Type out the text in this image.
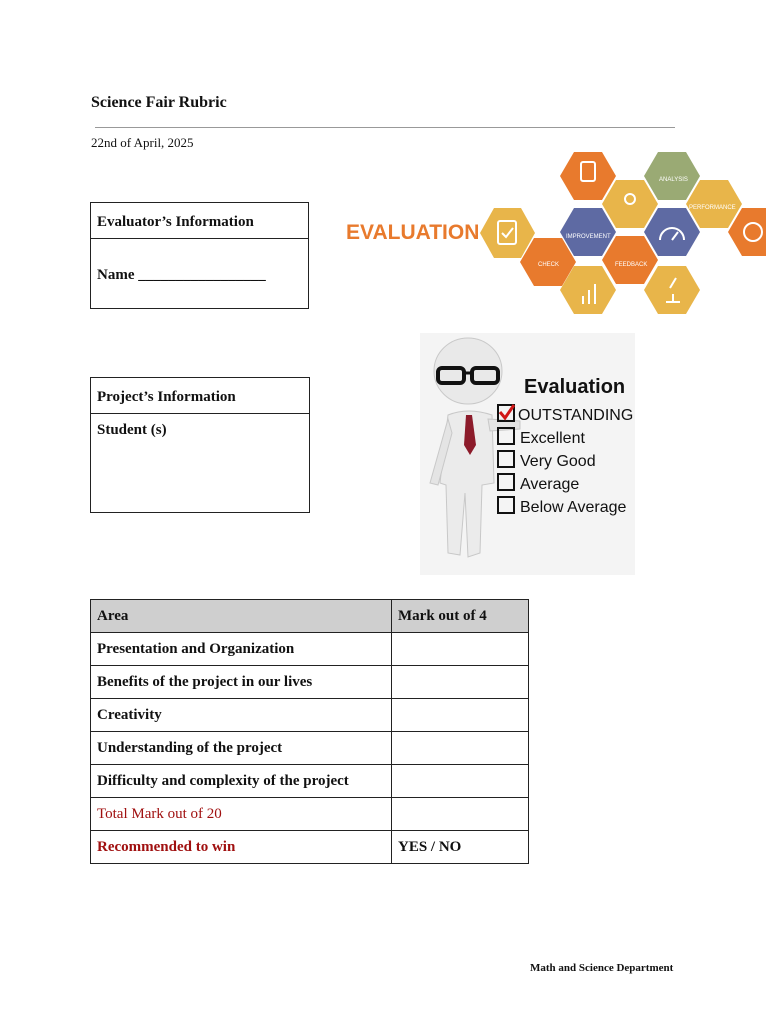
Science Fair Rubric
22nd of April, 2025
Evaluator’s Information
Name _________________
Project’s Information
Student (s)
EVALUATION
ANALYSIS
PERFORMANCE
IMPROVEMENT
CHECK	FEEDBACK
Evaluation
OUTSTANDING
Excellent
Very Good
Average
Below Average
Area	Mark out of 4
Presentation and Organization	
Benefits of the project in our lives	
Creativity	
Understanding of the project	
Difficulty and complexity of the project	
Total Mark out of 20	
Recommended to win	YES / NO
Math and Science Department
